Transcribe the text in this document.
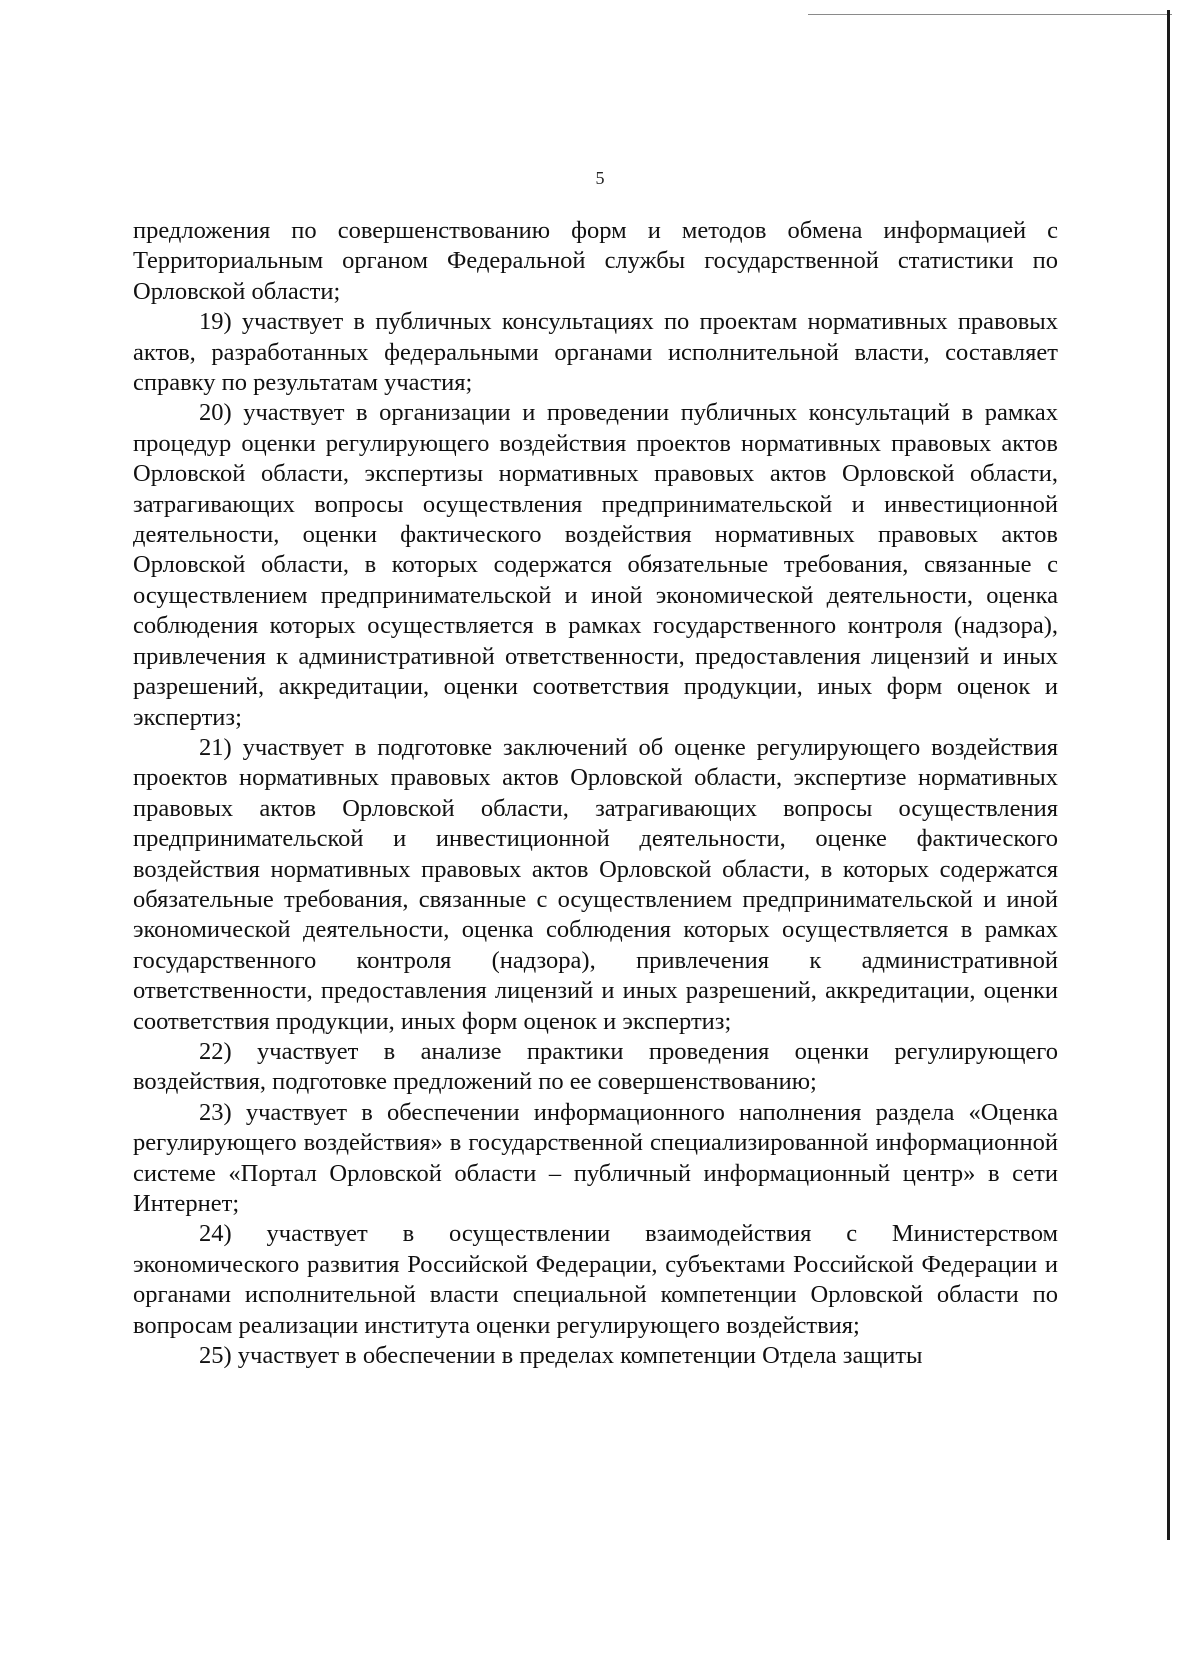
5

предложения по совершенствованию форм и методов обмена информацией с Территориальным органом Федеральной службы государственной статистики по Орловской области;

19) участвует в публичных консультациях по проектам нормативных правовых актов, разработанных федеральными органами исполнительной власти, составляет справку по результатам участия;

20) участвует в организации и проведении публичных консультаций в рамках процедур оценки регулирующего воздействия проектов нормативных правовых актов Орловской области, экспертизы нормативных правовых актов Орловской области, затрагивающих вопросы осуществления предпринимательской и инвестиционной деятельности, оценки фактического воздействия нормативных правовых актов Орловской области, в которых содержатся обязательные требования, связанные с осуществлением предпринимательской и иной экономической деятельности, оценка соблюдения которых осуществляется в рамках государственного контроля (надзора), привлечения к административной ответственности, предоставления лицензий и иных разрешений, аккредитации, оценки соответствия продукции, иных форм оценок и экспертиз;

21) участвует в подготовке заключений об оценке регулирующего воздействия проектов нормативных правовых актов Орловской области, экспертизе нормативных правовых актов Орловской области, затрагивающих вопросы осуществления предпринимательской и инвестиционной деятельности, оценке фактического воздействия нормативных правовых актов Орловской области, в которых содержатся обязательные требования, связанные с осуществлением предпринимательской и иной экономической деятельности, оценка соблюдения которых осуществляется в рамках государственного контроля (надзора), привлечения к административной ответственности, предоставления лицензий и иных разрешений, аккредитации, оценки соответствия продукции, иных форм оценок и экспертиз;

22) участвует в анализе практики проведения оценки регулирующего воздействия, подготовке предложений по ее совершенствованию;

23) участвует в обеспечении информационного наполнения раздела «Оценка регулирующего воздействия» в государственной специализированной информационной системе «Портал Орловской области – публичный информационный центр» в сети Интернет;

24) участвует в осуществлении взаимодействия с Министерством экономического развития Российской Федерации, субъектами Российской Федерации и органами исполнительной власти специальной компетенции Орловской области по вопросам реализации института оценки регулирующего воздействия;

25) участвует в обеспечении в пределах компетенции Отдела защиты
